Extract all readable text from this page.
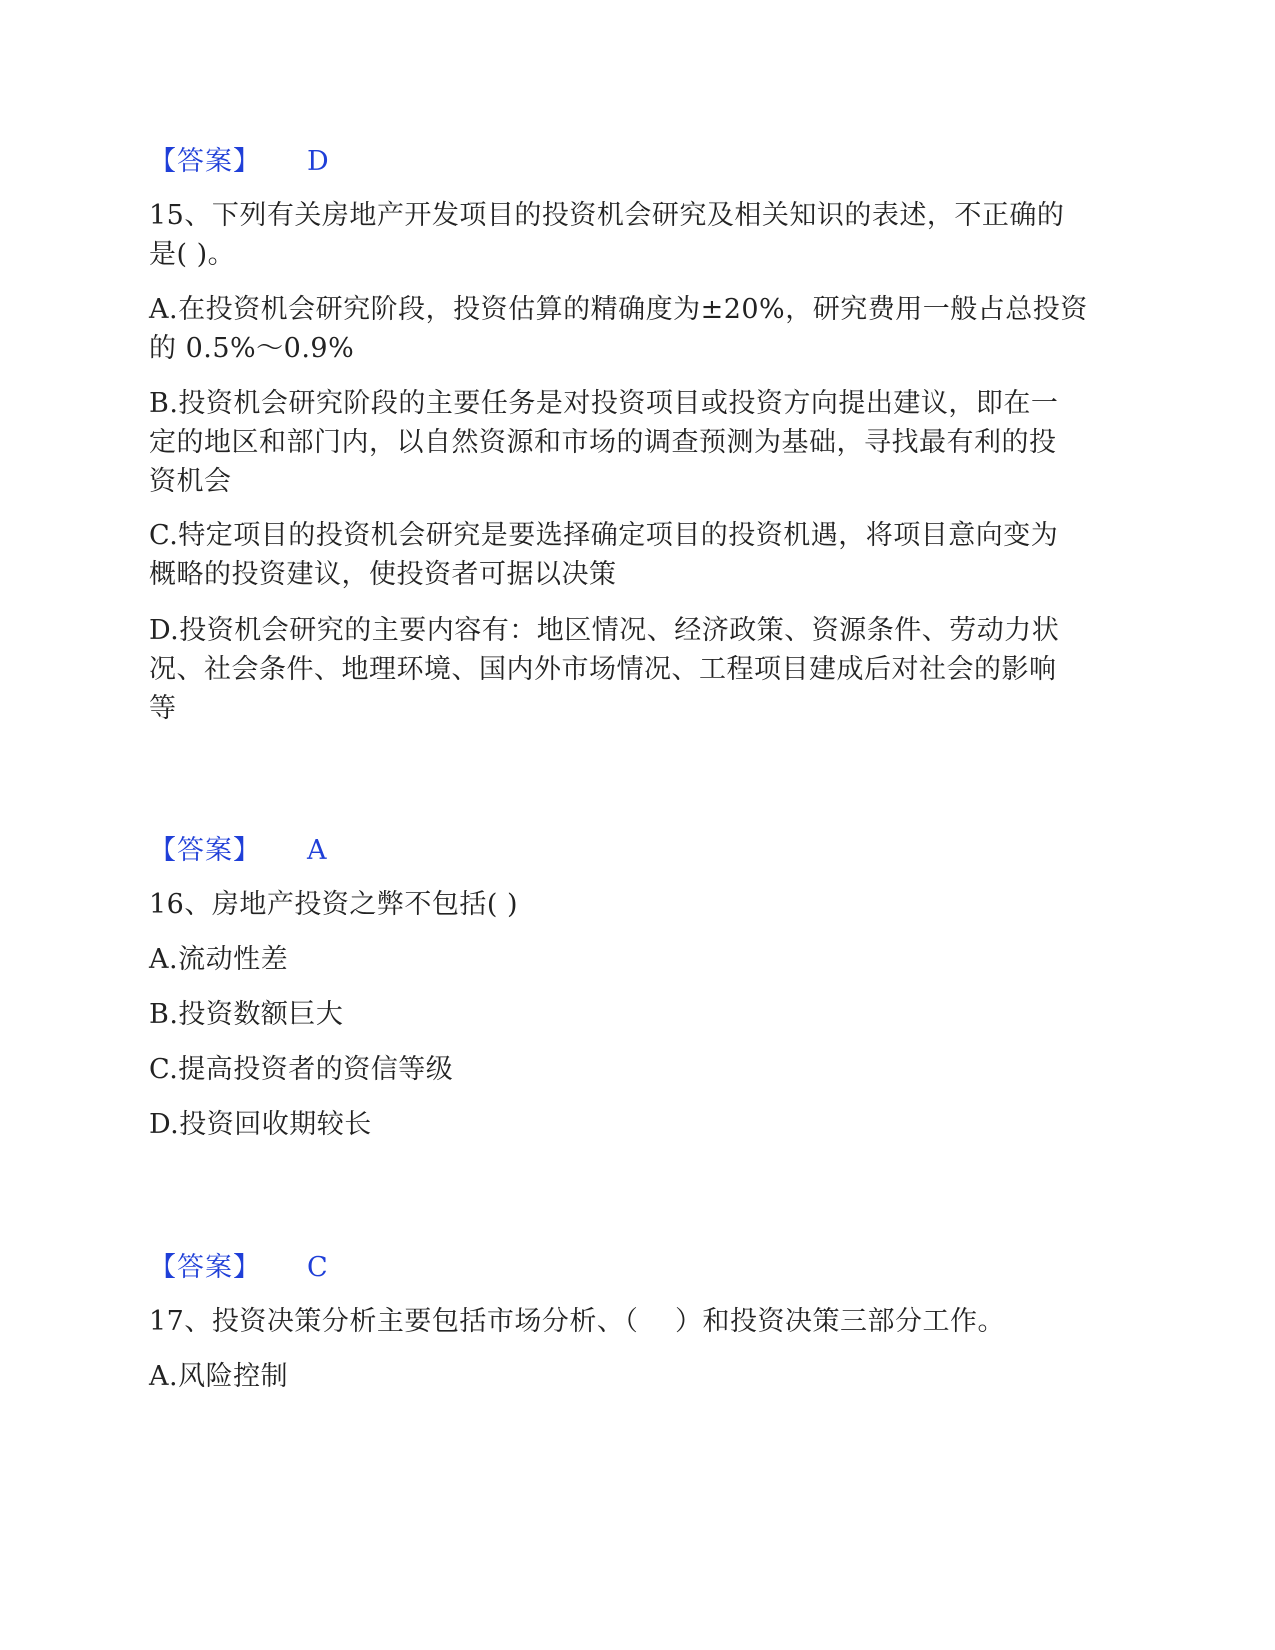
【答案】 D
15、下列有关房地产开发项目的投资机会研究及相关知识的表述，不正确的
是( )。
A.在投资机会研究阶段，投资估算的精确度为±20%，研究费用一般占总投资
的 0.5%～0.9%
B.投资机会研究阶段的主要任务是对投资项目或投资方向提出建议，即在一
定的地区和部门内，以自然资源和市场的调查预测为基础，寻找最有利的投
资机会
C.特定项目的投资机会研究是要选择确定项目的投资机遇，将项目意向变为
概略的投资建议，使投资者可据以决策
D.投资机会研究的主要内容有：地区情况、经济政策、资源条件、劳动力状
况、社会条件、地理环境、国内外市场情况、工程项目建成后对社会的影响
等
【答案】 A
16、房地产投资之弊不包括( )
A.流动性差
B.投资数额巨大
C.提高投资者的资信等级
D.投资回收期较长
【答案】 C
17、投资决策分析主要包括市场分析、（　 ）和投资决策三部分工作。
A.风险控制
